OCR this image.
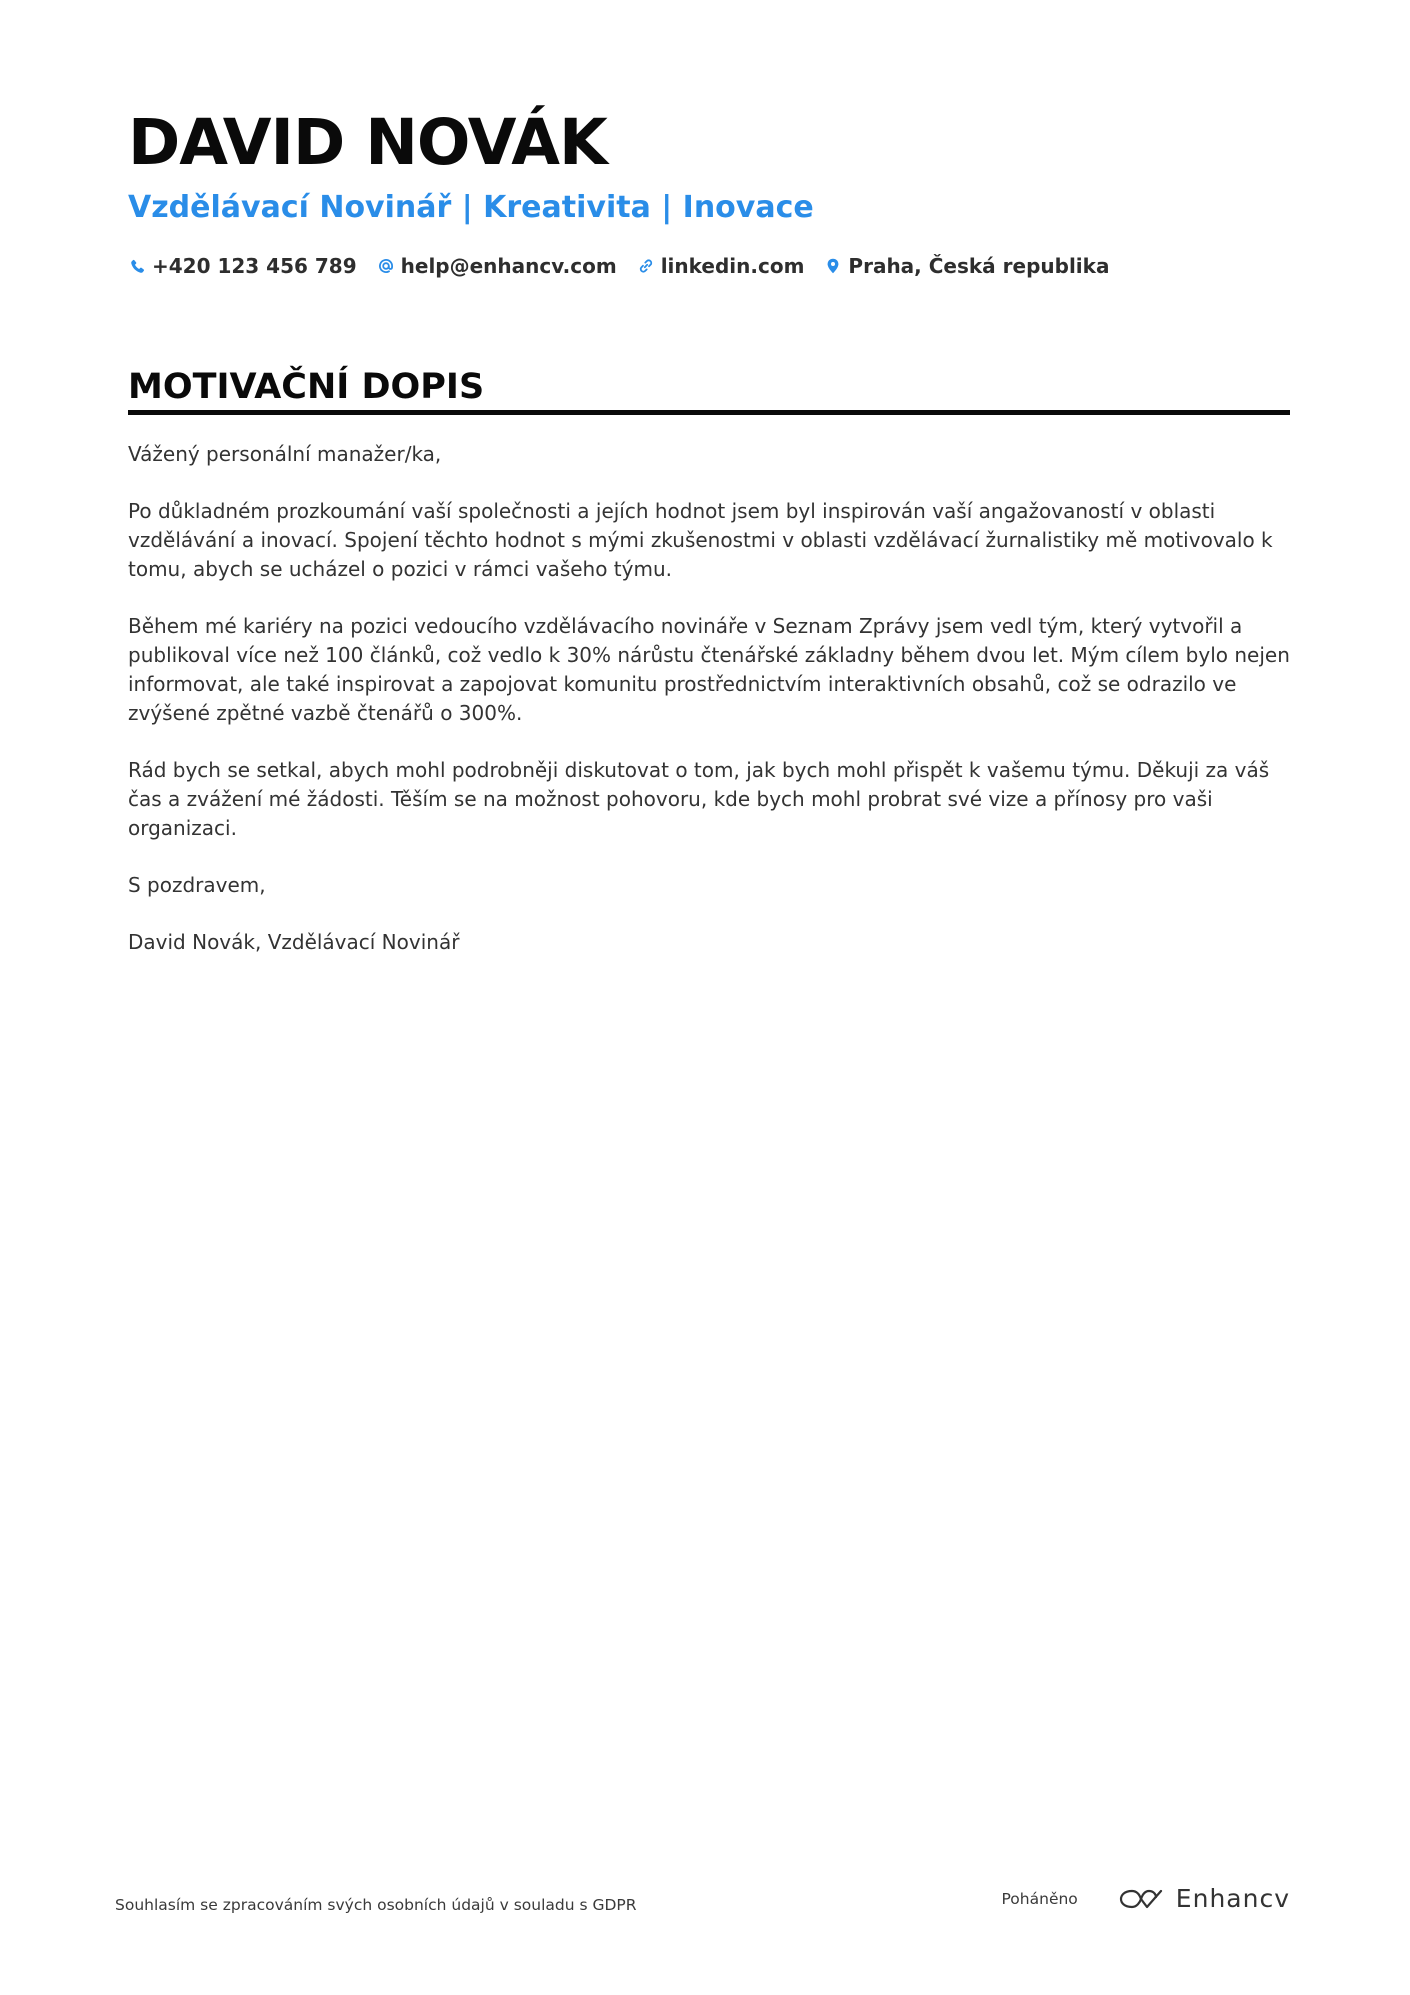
DAVID NOVÁK
Vzdělávací Novinář | Kreativita | Inovace
+420 123 456 789 help@enhancv.com linkedin.com Praha, Česká republika
MOTIVAČNÍ DOPIS

Vážený personální manažer/ka,

Po důkladném prozkoumání vaší společnosti a jejích hodnot jsem byl inspirován vaší angažovaností v oblasti vzdělávání a inovací. Spojení těchto hodnot s mými zkušenostmi v oblasti vzdělávací žurnalistiky mě motivovalo k tomu, abych se ucházel o pozici v rámci vašeho týmu.

Během mé kariéry na pozici vedoucího vzdělávacího novináře v Seznam Zprávy jsem vedl tým, který vytvořil a publikoval více než 100 článků, což vedlo k 30% nárůstu čtenářské základny během dvou let. Mým cílem bylo nejen informovat, ale také inspirovat a zapojovat komunitu prostřednictvím interaktivních obsahů, což se odrazilo ve zvýšené zpětné vazbě čtenářů o 300%.

Rád bych se setkal, abych mohl podrobněji diskutovat o tom, jak bych mohl přispět k vašemu týmu. Děkuji za váš čas a zvážení mé žádosti. Těším se na možnost pohovoru, kde bych mohl probrat své vize a přínosy pro vaši organizaci.

S pozdravem,

David Novák, Vzdělávací Novinář

Souhlasím se zpracováním svých osobních údajů v souladu s GDPR	Poháněno	Enhancv
